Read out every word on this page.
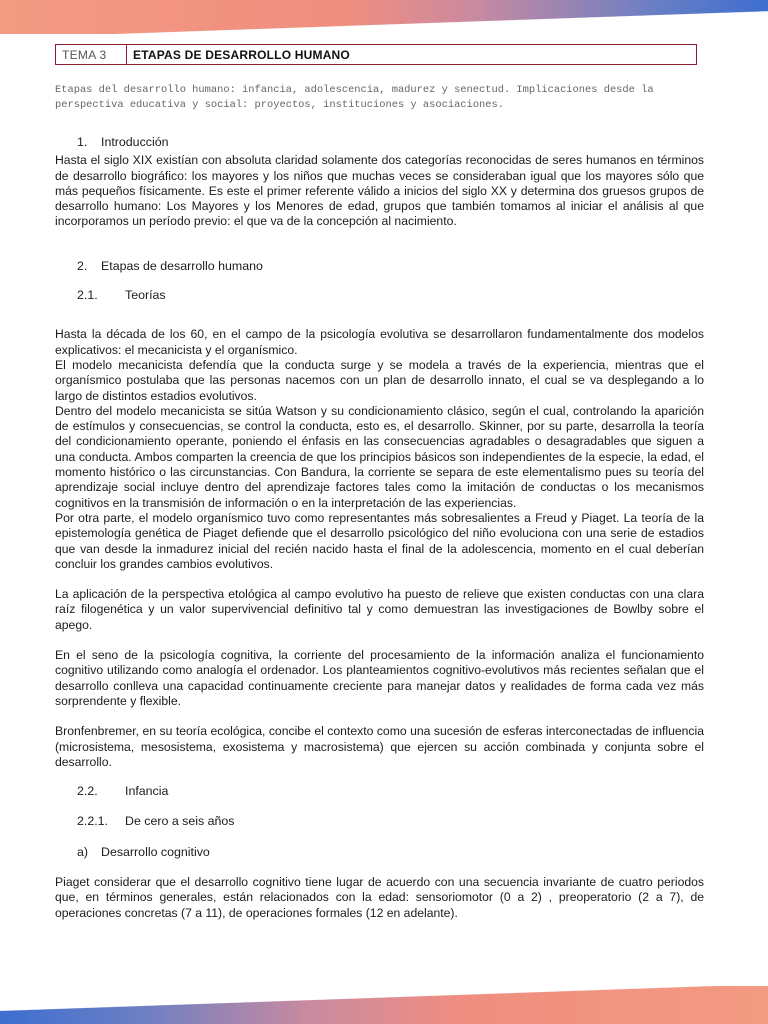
TEMA 3	ETAPAS DE DESARROLLO HUMANO
Etapas del desarrollo humano: infancia, adolescencia, madurez y senectud. Implicaciones desde la perspectiva educativa y social: proyectos, instituciones y asociaciones.
1.	Introducción

Hasta el siglo XIX existían con absoluta claridad solamente dos categorías reconocidas de seres humanos en términos de desarrollo biográfico: los mayores y los niños que muchas veces se consideraban igual que los mayores sólo que más pequeños físicamente. Es este el primer referente válido a inicios del siglo XX y determina dos gruesos grupos de desarrollo humano: Los Mayores y los Menores de edad, grupos que también tomamos al iniciar el análisis al que incorporamos un período previo: el que va de la concepción al nacimiento.

2.	Etapas de desarrollo humano
2.1.	Teorías

Hasta la década de los 60, en el campo de la psicología evolutiva se desarrollaron fundamentalmente dos modelos explicativos: el mecanicista y el organísmico.

El modelo mecanicista defendía que la conducta surge y se modela a través de la experiencia, mientras que el organísmico postulaba que las personas nacemos con un plan de desarrollo innato, el cual se va desplegando a lo largo de distintos estadios evolutivos.

Dentro del modelo mecanicista se sitúa Watson y su condicionamiento clásico, según el cual, controlando la aparición de estímulos y consecuencias, se control la conducta, esto es, el desarrollo. Skinner, por su parte, desarrolla la teoría del condicionamiento operante, poniendo el énfasis en las consecuencias agradables o desagradables que siguen a una conducta. Ambos comparten la creencia de que los principios básicos son independientes de la especie, la edad, el momento histórico o las circunstancias. Con Bandura, la corriente se separa de este elementalismo pues su teoría del aprendizaje social incluye dentro del aprendizaje factores tales como la imitación de conductas o los mecanismos cognitivos en la transmisión de información o en la interpretación de las experiencias.

Por otra parte, el modelo organísmico tuvo como representantes más sobresalientes a Freud y Piaget. La teoría de la epistemología genética de Piaget defiende que el desarrollo psicológico del niño evoluciona con una serie de estadios que van desde la inmadurez inicial del recién nacido hasta el final de la adolescencia, momento en el cual deberían concluir los grandes cambios evolutivos.

La aplicación de la perspectiva etológica al campo evolutivo ha puesto de relieve que existen conductas con una clara raíz filogenética y un valor supervivencial definitivo tal y como demuestran las investigaciones de Bowlby sobre el apego.

En el seno de la psicología cognitiva, la corriente del procesamiento de la información analiza el funcionamiento cognitivo utilizando como analogía el ordenador. Los planteamientos cognitivo-evolutivos más recientes señalan que el desarrollo conlleva una capacidad continuamente creciente para manejar datos y realidades de forma cada vez más sorprendente y flexible.

Bronfenbremer, en su teoría ecológica, concibe el contexto como una sucesión de esferas interconectadas de influencia (microsistema, mesosistema, exosistema y macrosistema) que ejercen su acción combinada y conjunta sobre el desarrollo.

2.2.	Infancia
2.2.1.	De cero a seis años
a)	Desarrollo cognitivo

Piaget considerar que el desarrollo cognitivo tiene lugar de acuerdo con una secuencia invariante de cuatro periodos que, en términos generales, están relacionados con la edad: sensoriomotor (0 a 2) , preoperatorio (2 a 7), de operaciones concretas (7 a 11), de operaciones formales (12 en adelante).
